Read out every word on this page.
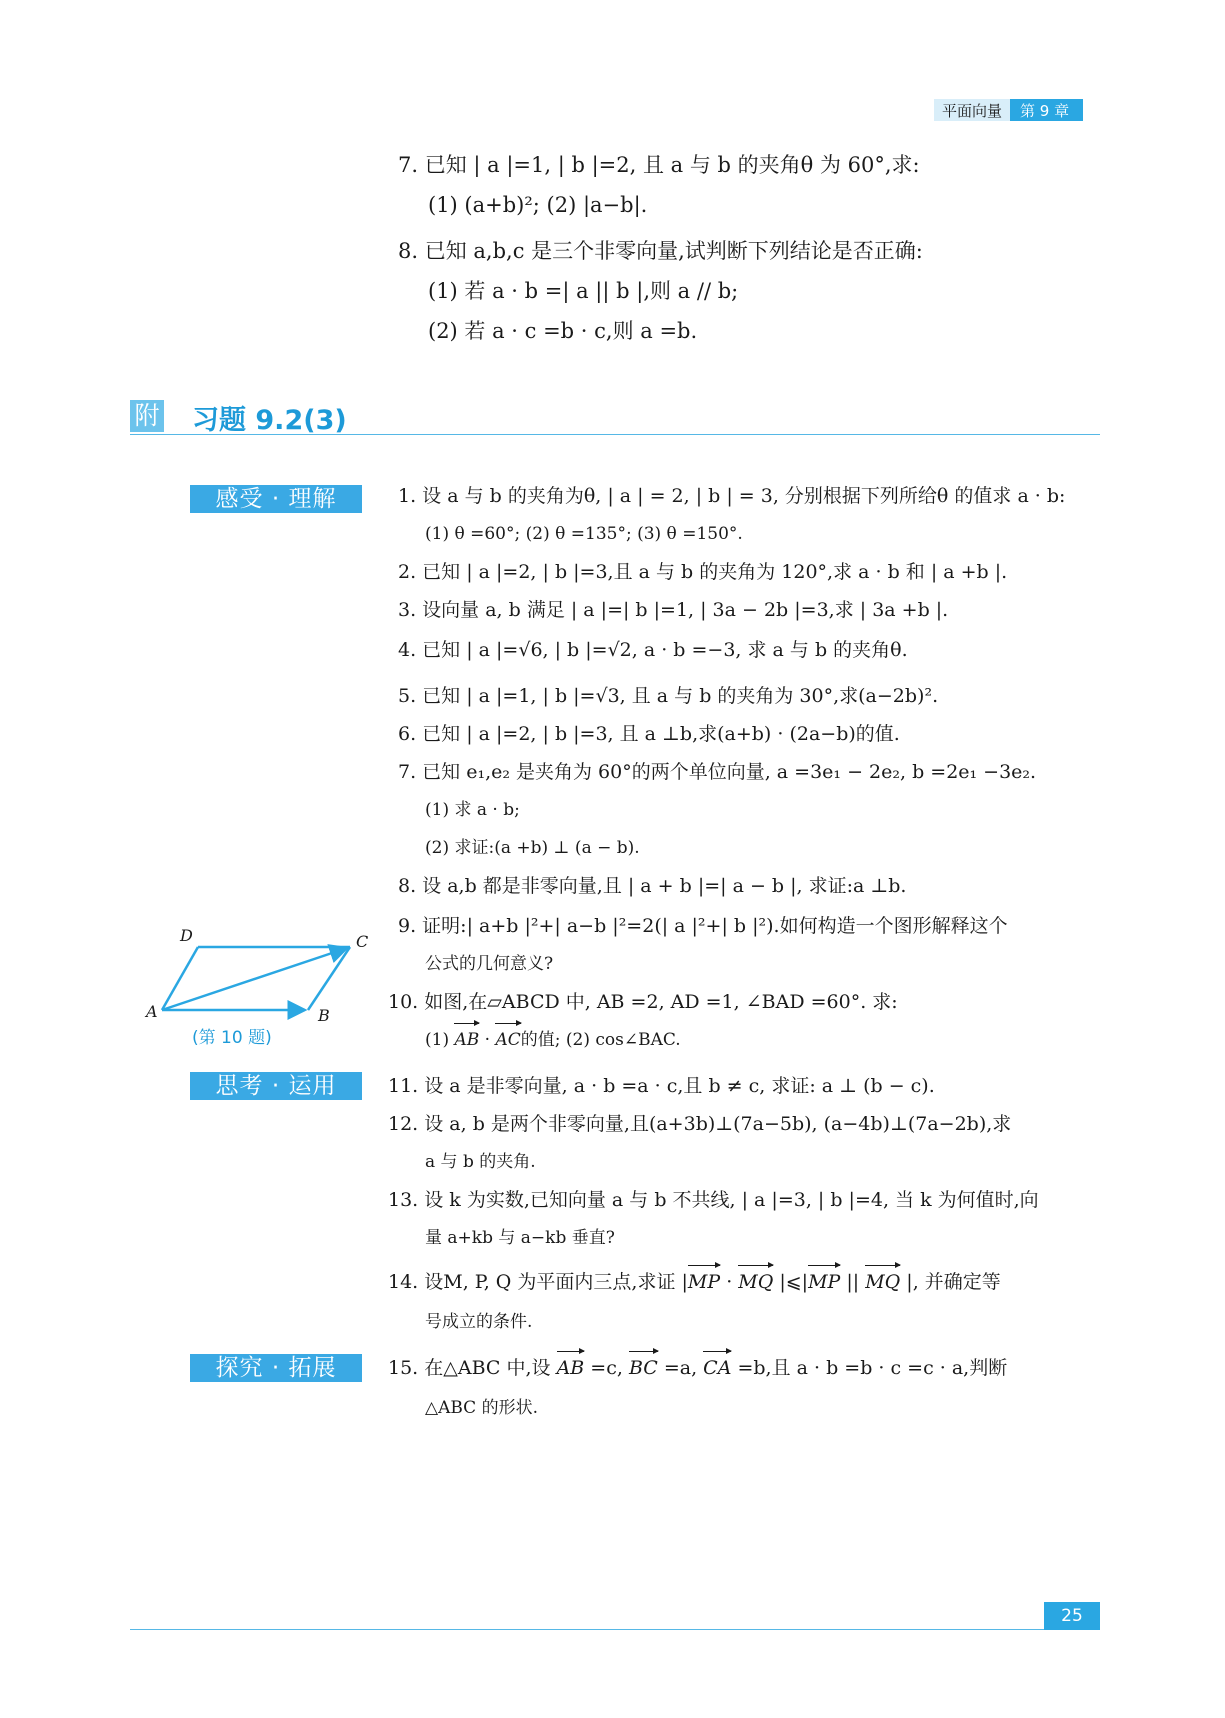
平面向量	第 9 章
7. 已知 | a |=1, | b |=2, 且 a 与 b 的夹角θ 为 60°,求:
(1) (a+b)²; (2) |a−b|.
8. 已知 a,b,c 是三个非零向量,试判断下列结论是否正确:
(1) 若 a · b =| a || b |,则 a // b;
(2) 若 a · c =b · c,则 a =b.
附 习题 9.2(3)
感受 · 理解
思考 · 运用
探究 · 拓展
1. 设 a 与 b 的夹角为θ, | a | = 2, | b | = 3, 分别根据下列所给θ 的值求 a · b:
(1) θ =60°; (2) θ =135°; (3) θ =150°.
2. 已知 | a |=2, | b |=3,且 a 与 b 的夹角为 120°,求 a · b 和 | a +b |.
3. 设向量 a, b 满足 | a |=| b |=1, | 3a − 2b |=3,求 | 3a +b |.
4. 已知 | a |=√6, | b |=√2, a · b =−3, 求 a 与 b 的夹角θ.
5. 已知 | a |=1, | b |=√3, 且 a 与 b 的夹角为 30°,求(a−2b)².
6. 已知 | a |=2, | b |=3, 且 a ⊥b,求(a+b) · (2a−b)的值.
7. 已知 e₁,e₂ 是夹角为 60°的两个单位向量, a =3e₁ − 2e₂, b =2e₁ −3e₂.
(1) 求 a · b;
(2) 求证:(a +b) ⊥ (a − b).
8. 设 a,b 都是非零向量,且 | a + b |=| a − b |, 求证:a ⊥b.
9. 证明:| a+b |²+| a−b |²=2(| a |²+| b |²).如何构造一个图形解释这个
公式的几何意义?
10. 如图,在▱ABCD 中, AB =2, AD =1, ∠BAD =60°. 求:
(1) AB · AC的值; (2) cos∠BAC.
11. 设 a 是非零向量, a · b =a · c,且 b ≠ c, 求证: a ⊥ (b − c).
12. 设 a, b 是两个非零向量,且(a+3b)⊥(7a−5b), (a−4b)⊥(7a−2b),求
a 与 b 的夹角.
13. 设 k 为实数,已知向量 a 与 b 不共线, | a |=3, | b |=4, 当 k 为何值时,向
量 a+kb 与 a−kb 垂直?
14. 设M, P, Q 为平面内三点,求证 |MP · MQ |⩽|MP || MQ |, 并确定等
号成立的条件.
15. 在△ABC 中,设 AB =c, BC =a, CA =b,且 a · b =b · c =c · a,判断
△ABC 的形状.
A	B
C
D
(第 10 题)
25
